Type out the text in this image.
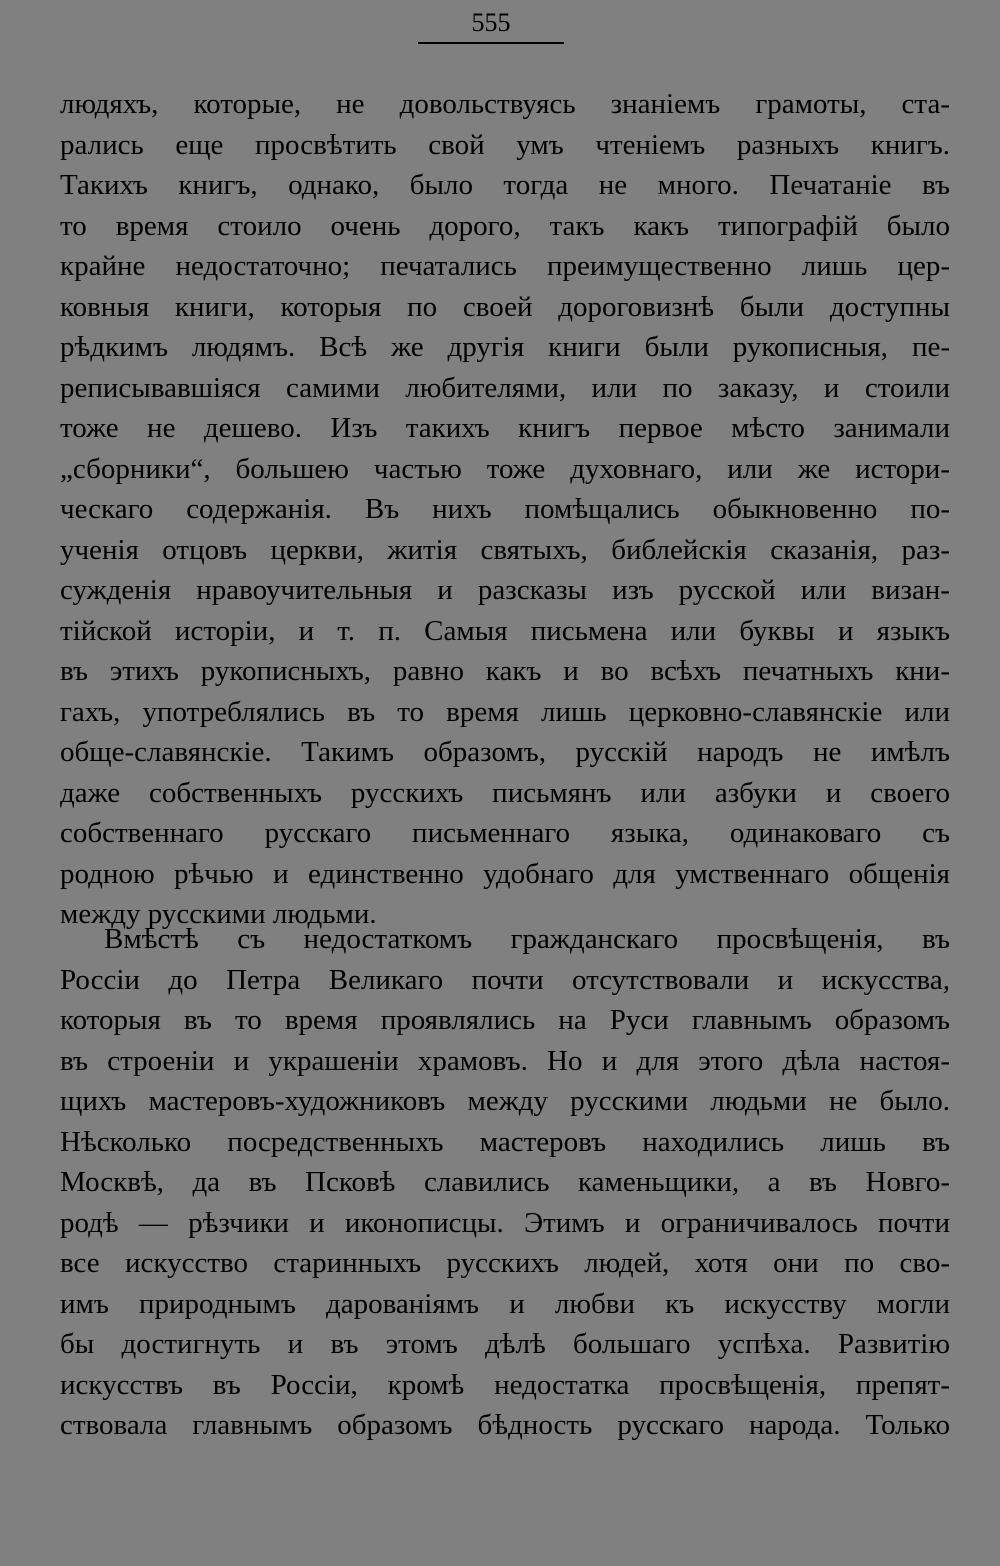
555
людяхъ, которые, не довольствуясь знаніемъ грамоты, ста-
рались еще просвѣтить свой умъ чтеніемъ разныхъ книгъ.
Такихъ книгъ, однако, было тогда не много. Печатаніе въ
то время стоило очень дорого, такъ какъ типографій было
крайне недостаточно; печатались преимущественно лишь цер-
ковныя книги, которыя по своей дороговизнѣ были доступны
рѣдкимъ людямъ. Всѣ же другія книги были рукописныя, пе-
реписывавшіяся самими любителями, или по заказу, и стоили
тоже не дешево. Изъ такихъ книгъ первое мѣсто занимали
„сборники“, большею частью тоже духовнаго, или же истори-
ческаго содержанія. Въ нихъ помѣщались обыкновенно по-
ученія отцовъ церкви, житія святыхъ, библейскія сказанія, раз-
сужденія нравоучительныя и разсказы изъ русской или визан-
тійской исторіи, и т. п. Самыя письмена или буквы и языкъ
въ этихъ рукописныхъ, равно какъ и во всѣхъ печатныхъ кни-
гахъ, употреблялись въ то время лишь церковно-славянскіе или
обще-славянскіе. Такимъ образомъ, русскій народъ не имѣлъ
даже собственныхъ русскихъ письмянъ или азбуки и своего
собственнаго русскаго письменнаго языка, одинаковаго съ
родною рѣчью и единственно удобнаго для умственнаго общенія
между русскими людьми.
Вмѣстѣ съ недостаткомъ гражданскаго просвѣщенія, въ
Россіи до Петра Великаго почти отсутствовали и искусства,
которыя въ то время проявлялись на Руси главнымъ образомъ
въ строеніи и украшеніи храмовъ. Но и для этого дѣла настоя-
щихъ мастеровъ-художниковъ между русскими людьми не было.
Нѣсколько посредственныхъ мастеровъ находились лишь въ
Москвѣ, да въ Псковѣ славились каменьщики, а въ Новго-
родѣ — рѣзчики и иконописцы. Этимъ и ограничивалось почти
все искусство старинныхъ русскихъ людей, хотя они по сво-
имъ природнымъ дарованіямъ и любви къ искусству могли
бы достигнуть и въ этомъ дѣлѣ большаго успѣха. Развитію
искусствъ въ Россіи, кромѣ недостатка просвѣщенія, препят-
ствовала главнымъ образомъ бѣдность русскаго народа. Только
